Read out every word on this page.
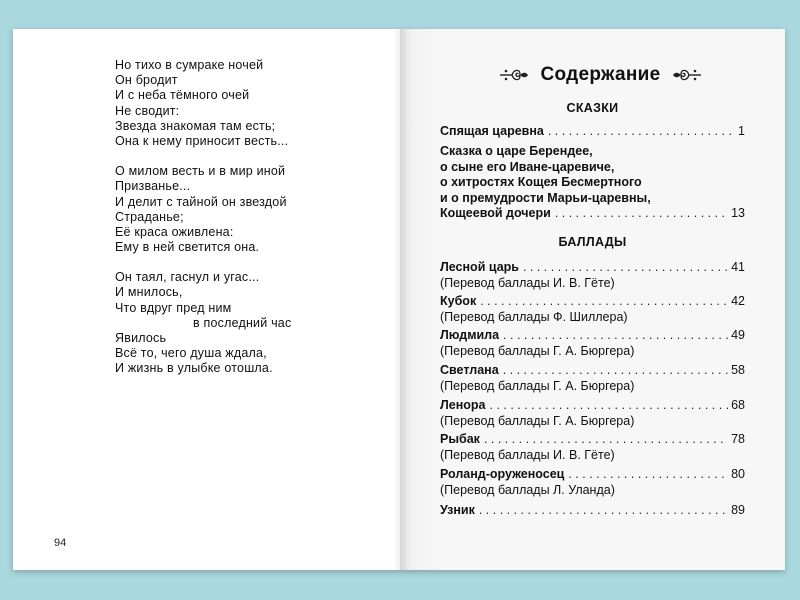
Но тихо в сумраке ночей
Он бродит
И с неба тёмного очей
Не сводит:
Звезда знакомая там есть;
Она к нему приносит весть...
О милом весть и в мир иной
Призванье...
И делит с тайной он звездой
Страданье;
Её краса оживлена:
Ему в ней светится она.
Он таял, гаснул и угас...
И мнилось,
Что вдруг пред ним
в последний час
Явилось
Всё то, чего душа ждала,
И жизнь в улыбке отошла.
94
Содержание
СКАЗКИ
Спящая царевна . . .	1
Сказка о царе Берендее,
о сыне его Иване-царевиче,
о хитростях Кощея Бесмертного
и о премудрости Марьи-царевны,
Кощеевой дочери . . .	13
БАЛЛАДЫ
Лесной царь . . .	41
(Перевод баллады И. В. Гёте)
Кубок . . .	42
(Перевод баллады Ф. Шиллера)
Людмила . . .	49
(Перевод баллады Г. А. Бюргера)
Светлана . . .	58
(Перевод баллады Г. А. Бюргера)
Ленора . . .	68
(Перевод баллады Г. А. Бюргера)
Рыбак . . .	78
(Перевод баллады И. В. Гёте)
Роланд-оруженосец . . .	80
(Перевод баллады Л. Уланда)
Узник . . .	89
